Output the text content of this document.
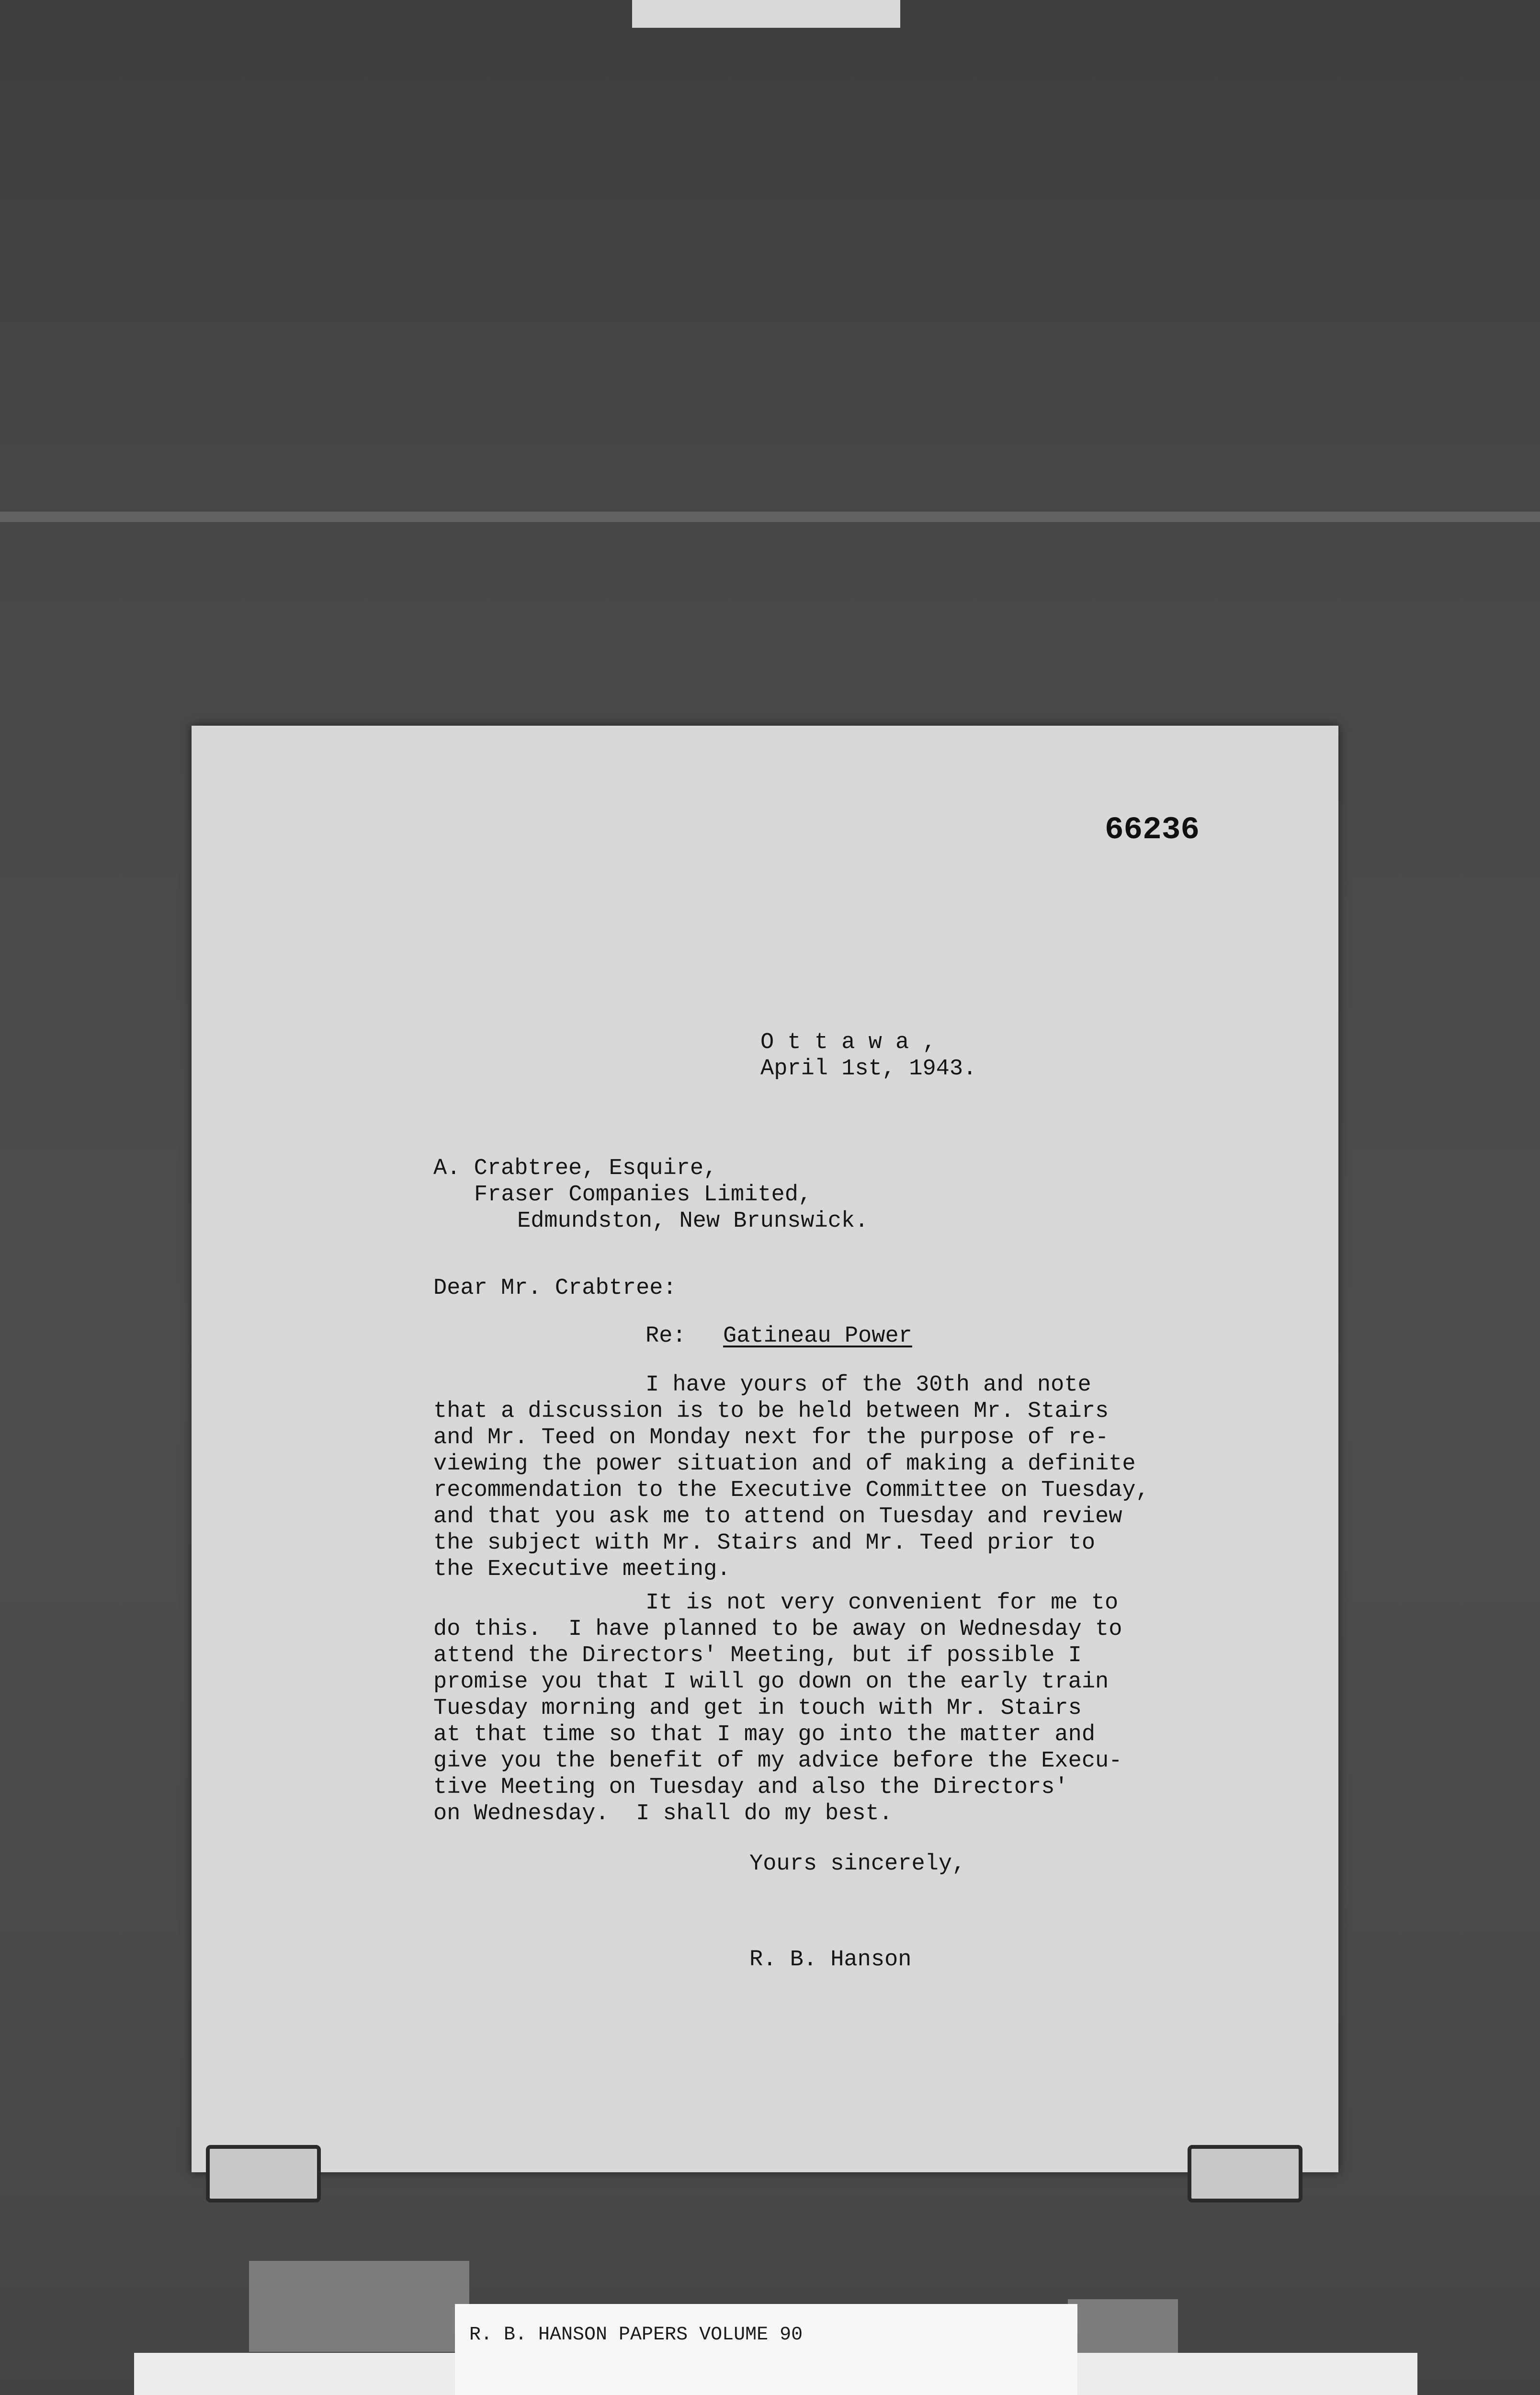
66236

O t t a w a ,

April 1st, 1943.

A. Crabtree, Esquire,

Fraser Companies Limited,

Edmundston, New Brunswick.

Dear Mr. Crabtree:

Re: Gatineau Power

I have yours of the 30th and note

that a discussion is to be held between Mr. Stairs

and Mr. Teed on Monday next for the purpose of re-

viewing the power situation and of making a definite

recommendation to the Executive Committee on Tuesday,

and that you ask me to attend on Tuesday and review

the subject with Mr. Stairs and Mr. Teed prior to

the Executive meeting.

It is not very convenient for me to

do this.  I have planned to be away on Wednesday to

attend the Directors' Meeting, but if possible I

promise you that I will go down on the early train

Tuesday morning and get in touch with Mr. Stairs

at that time so that I may go into the matter and

give you the benefit of my advice before the Execu-

tive Meeting on Tuesday and also the Directors'

on Wednesday.  I shall do my best.

Yours sincerely,

R. B. Hanson

R. B. HANSON PAPERS VOLUME 90
